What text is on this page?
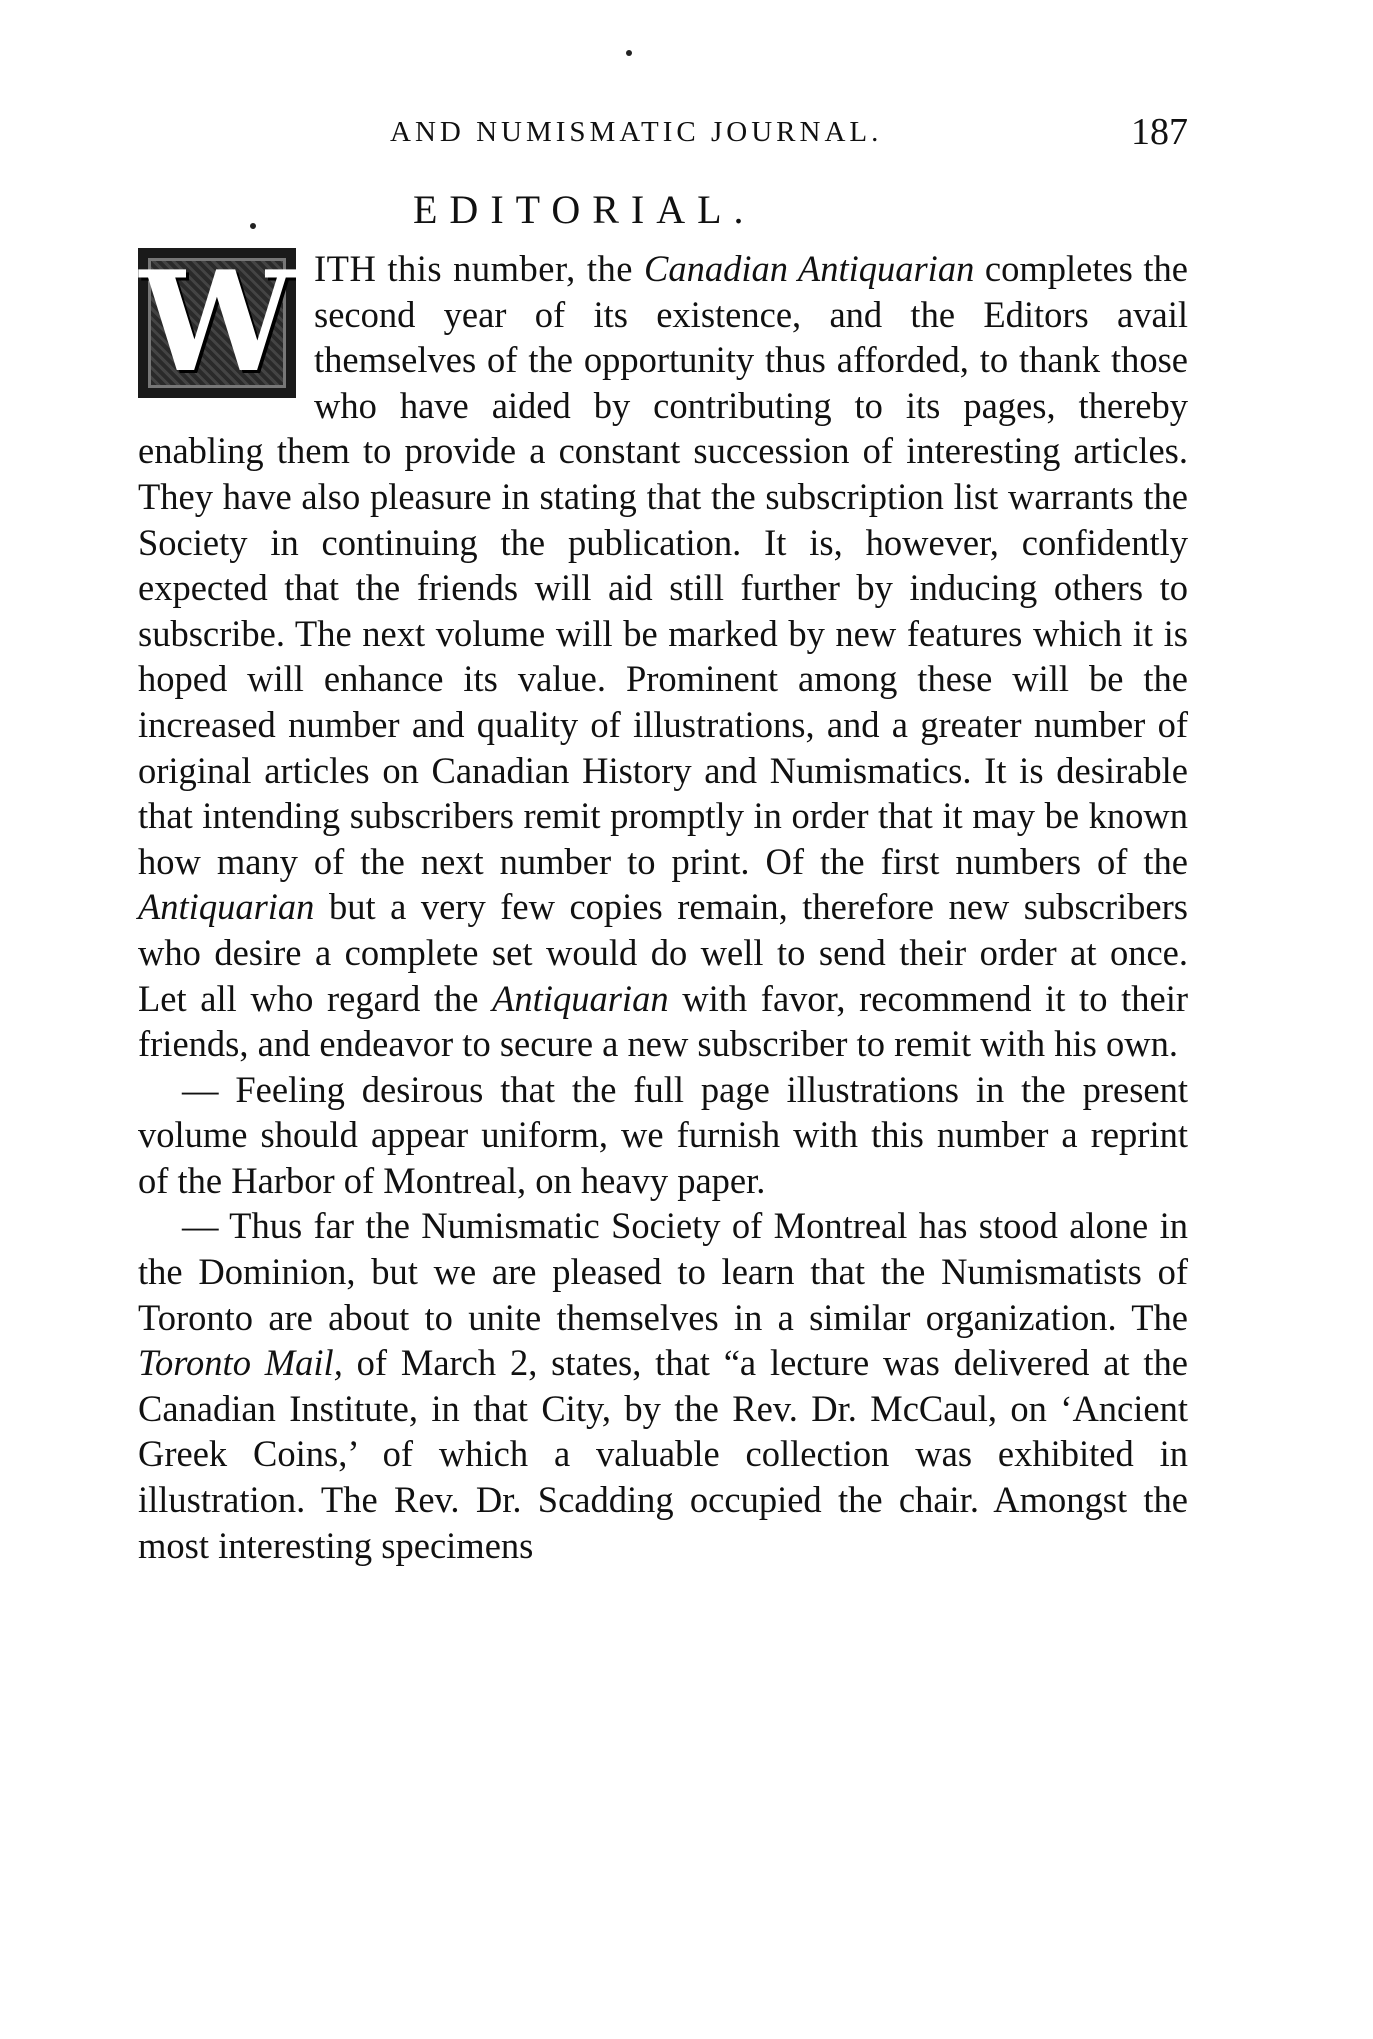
AND NUMISMATIC JOURNAL.	187
EDITORIAL.

W ITH this number, the Canadian Antiquarian completes the second year of its existence, and the Editors avail themselves of the opportunity thus afforded, to thank those who have aided by contributing to its pages, thereby enabling them to provide a constant succession of interesting articles. They have also pleasure in stating that the subscription list warrants the Society in continuing the publication. It is, however, confidently expected that the friends will aid still further by inducing others to subscribe. The next volume will be marked by new features which it is hoped will enhance its value. Prominent among these will be the increased number and quality of illustrations, and a greater number of original articles on Canadian History and Numismatics. It is desirable that intending subscribers remit promptly in order that it may be known how many of the next number to print. Of the first numbers of the Antiquarian but a very few copies remain, therefore new subscribers who desire a complete set would do well to send their order at once. Let all who regard the Antiquarian with favor, recommend it to their friends, and endeavor to secure a new subscriber to remit with his own.

— Feeling desirous that the full page illustrations in the present volume should appear uniform, we furnish with this number a reprint of the Harbor of Montreal, on heavy paper.

— Thus far the Numismatic Society of Montreal has stood alone in the Dominion, but we are pleased to learn that the Numismatists of Toronto are about to unite themselves in a similar organization. The Toronto Mail, of March 2, states, that “a lecture was delivered at the Canadian Institute, in that City, by the Rev. Dr. McCaul, on ‘Ancient Greek Coins,’ of which a valuable collection was exhibited in illustration. The Rev. Dr. Scadding occupied the chair. Amongst the most interesting specimens
